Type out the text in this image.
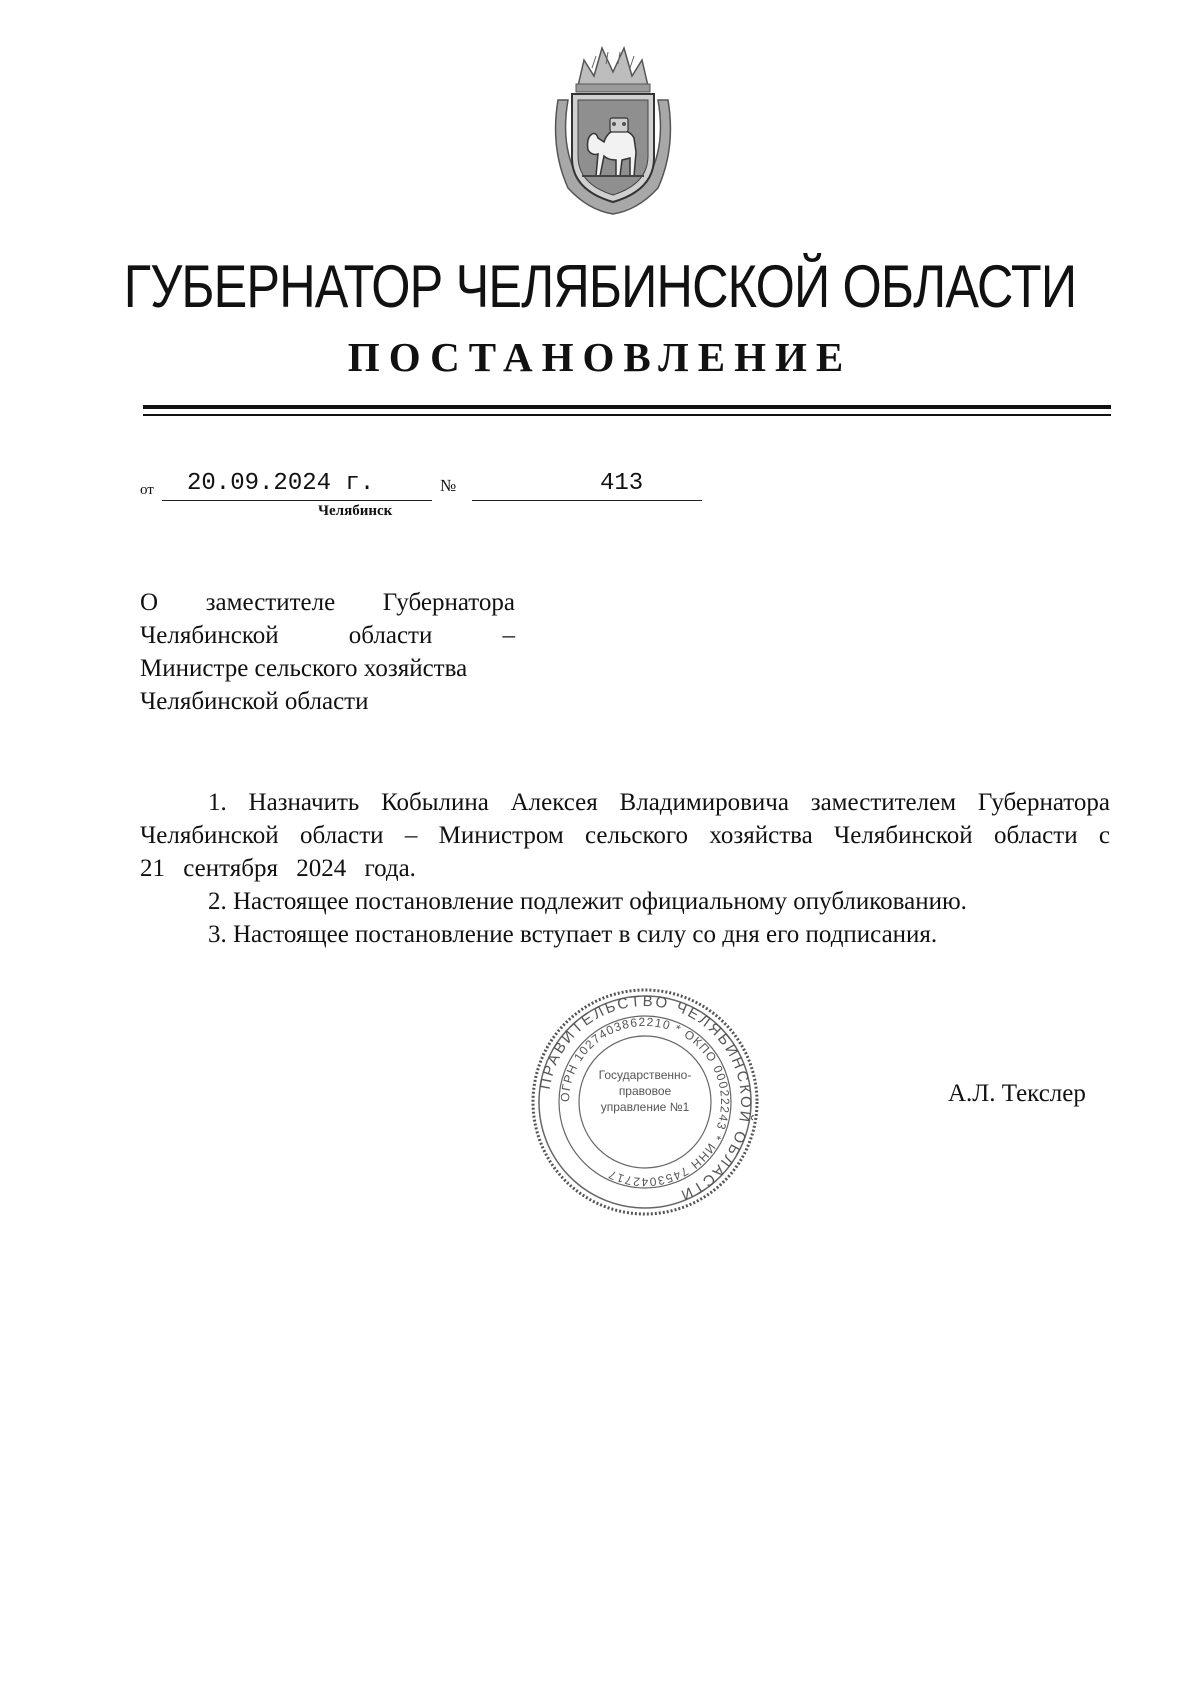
ГУБЕРНАТОР ЧЕЛЯБИНСКОЙ ОБЛАСТИ
ПОСТАНОВЛЕНИЕ
от	20.09.2024 г.	№	413
Челябинск
О заместителе Губернатора
Челябинской области –
Министре сельского хозяйства
Челябинской области

1. Назначить Кобылина Алексея Владимировича заместителем Губернатора Челябинской области – Министром сельского хозяйства Челябинской области с 21 сентября 2024 года.

2. Настоящее постановление подлежит официальному опубликованию.

3. Настоящее постановление вступает в силу со дня его подписания.

ПРАВИТЕЛЬСТВО ЧЕЛЯБИНСКОЙ ОБЛАСТИ
ОГРН 1027403862210 * ОКПО 00022243 * ИНН 7453042717
Государственно-правовое управление №1	А.Л. Текслер
